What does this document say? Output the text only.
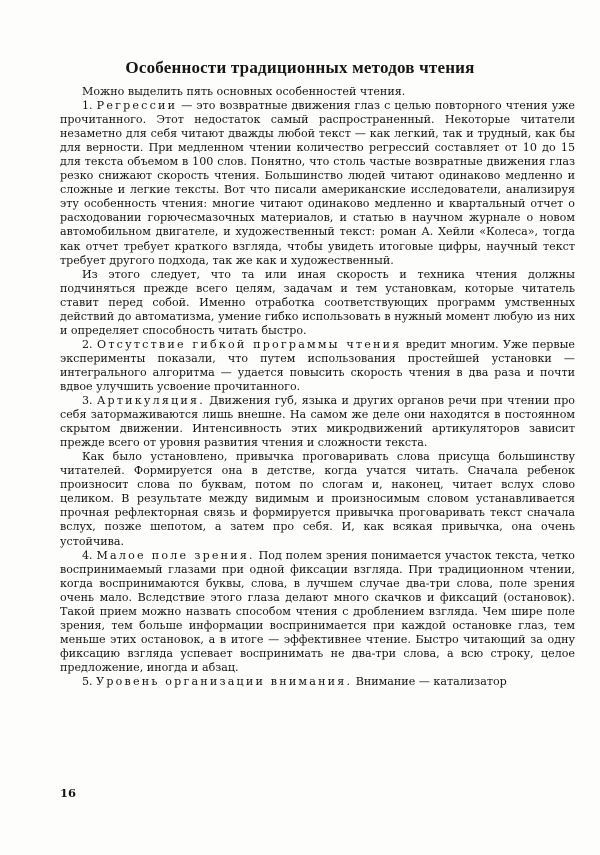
Особенности традиционных методов чтения

Можно выделить пять основных особенностей чтения.

1. Регрессии — это возвратные движения глаз с целью повторного чтения уже прочитанного. Этот недостаток самый распространенный. Некоторые читатели незаметно для себя читают дважды любой текст — как легкий, так и трудный, как бы для верности. При медленном чтении количество регрессий составляет от 10 до 15 для текста объемом в 100 слов. Понятно, что столь частые возвратные движения глаз резко снижают скорость чтения. Большинство людей читают одинаково медленно и сложные и легкие тексты. Вот что писали американские исследователи, анализируя эту особенность чтения: многие читают одинаково медленно и квартальный отчет о расходовании горючесмазочных материалов, и статью в научном журнале о новом автомобильном двигателе, и художественный текст: роман А. Хейли «Колеса», тогда как отчет требует краткого взгляда, чтобы увидеть итоговые цифры, научный текст требует другого подхода, так же как и художественный.

Из этого следует, что та или иная скорость и техника чтения должны подчиняться прежде всего целям, задачам и тем установкам, которые читатель ставит перед собой. Именно отработка соответствующих программ умственных действий до автоматизма, умение гибко использовать в нужный момент любую из них и определяет способность читать быстро.

2. Отсутствие гибкой программы чтения вредит многим. Уже первые эксперименты показали, что путем использования простейшей установки — интегрального алгоритма — удается повысить скорость чтения в два раза и почти вдвое улучшить усвоение прочитанного.

3. Артикуляция. Движения губ, языка и других органов речи при чтении про себя затормаживаются лишь внешне. На самом же деле они находятся в постоянном скрытом движении. Интенсивность этих микродвижений артикуляторов зависит прежде всего от уровня развития чтения и сложности текста.

Как было установлено, привычка проговаривать слова присуща большинству читателей. Формируется она в детстве, когда учатся читать. Сначала ребенок произносит слова по буквам, потом по слогам и, наконец, читает вслух слово целиком. В результате между видимым и произносимым словом устанавливается прочная рефлекторная связь и формируется привычка проговаривать текст сначала вслух, позже шепотом, а затем про себя. И, как всякая привычка, она очень устойчива.

4. Малое поле зрения. Под полем зрения понимается участок текста, четко воспринимаемый глазами при одной фиксации взгляда. При традиционном чтении, когда воспринимаются буквы, слова, в лучшем случае два-три слова, поле зрения очень мало. Вследствие этого глаза делают много скачков и фиксаций (остановок). Такой прием можно назвать способом чтения с дроблением взгляда. Чем шире поле зрения, тем больше информации воспринимается при каждой остановке глаз, тем меньше этих остановок, а в итоге — эффективнее чтение. Быстро читающий за одну фиксацию взгляда успевает воспринимать не два-три слова, а всю строку, целое предложение, иногда и абзац.

5. Уровень организации внимания. Внимание — катализатор

16
